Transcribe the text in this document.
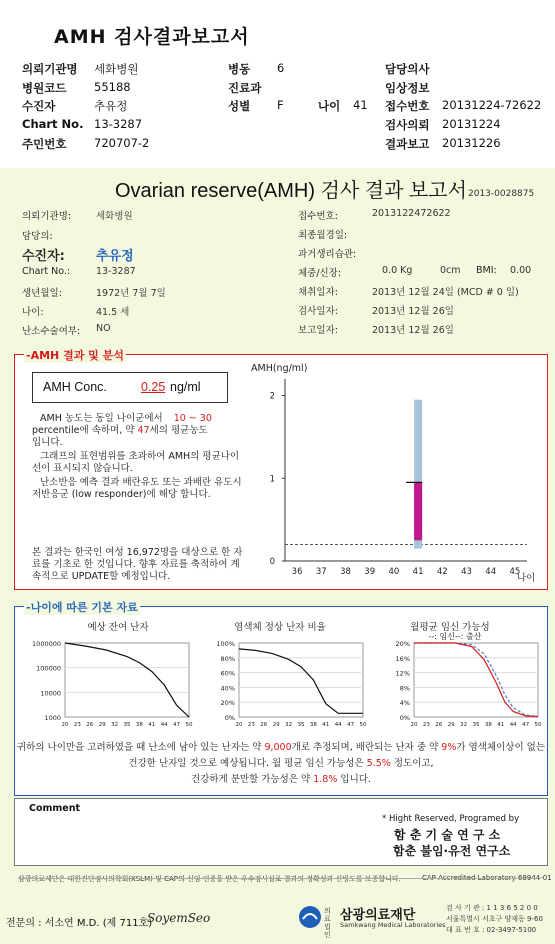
AMH 검사결과보고서
의뢰기관명 세화병원
병원코드 55188
수진자	추유정
Chart No. 13-3287
주민번호 720707-2
병동 6
진료과
성별 F	나이 41
담당의사
임상정보
접수번호 20131224-72622
검사의뢰 20131224
결과보고 20131226
Ovarian reserve(AMH) 검사 결과 보고서 2013-0028875
의뢰기관명:	세화병원
담당의:
수진자: 추유정
Chart No.:	13-3287
생년월일:	1972년 7월 7일
나이:	41.5 세
난소수술여부: NO
접수번호:	2013122472622
최종월경일:
과거생리습관:
체중/신장:	0.0 Kg	0cm BMI: 0.00
채취일자:	2013년 12월 24일 (MCD # 0 일)
검사일자:	2013년 12월 26일
보고일자:	2013년 12월 26일
AMH Conc.	0.25 ng/ml
AMH 농도는 동일 나이군에서 10 ~ 30
percentile에 속하며, 약 47세의 평균농도
입니다.
그래프의 표현범위를 초과하여 AMH의 평균나이선이 표시되지 않습니다.
난소반응 예측 결과 배란유도 또는 과배란 유도시 저반응군 (low responder)에 해당 합니다.
본 결과는 한국인 여성 16,972명을 대상으로 한 자료를 기초로 한 것입니다. 향후 자료를 축적하여 계속적으로 UPDATE할 예정입니다.
AMH(ng/ml)
0
1
2
36 37 38 39 40 41 42 43 44 45
나이
-AMH 결과 및 분석
예상 잔여 난자	염색체 정상 난자 비율	월평균 임신 가능성
--: 임신--: 출산
1000000
100000
10000
1000
20 23 26 29 32 35 38 41 44 47 50
100%
80%
60%
40%
20%
0%
20 23 26 29 32 35 38 41 44 47 50
20%
16%
12%
8%
4%
0%
20 23 26 29 32 35 38 41 44 47 50
-나이에 따른 기본 자료
귀하의 나이만을 고려하였을 때 난소에 남아 있는 난자는 약 9,000개로 추정되며, 배란되는 난자 중 약 9%가 염색체이상이 없는 건강한 난자일 것으로 예상됩니다. 월 평균 임신 가능성은 5.5% 정도이고,
건강하게 분만할 가능성은 약 1.8% 입니다.
Comment
* Hight Reserved, Programed by
함 춘 기 술 연 구 소
함춘 불임·유전 연구소
삼광의료재단은 대한진단검사의학회(KSLM) 및 CAP의 신임 인증을 받은 우수검사실로 결과의 정확성과 신빙도를 보증합니다.	CAP Accredited Laboratory 69944-01
전문의 : 서소연 M.D. (제 711호)
SoyemSeo	의료 법인
삼광의료재단
Samkwang Medical Laboratories
검 사 기 관 : 1 1 3 6 5 2 0 0
서울특별시 서초구 양재동 9-60
대 표 번 호 : 02-3497-5100
